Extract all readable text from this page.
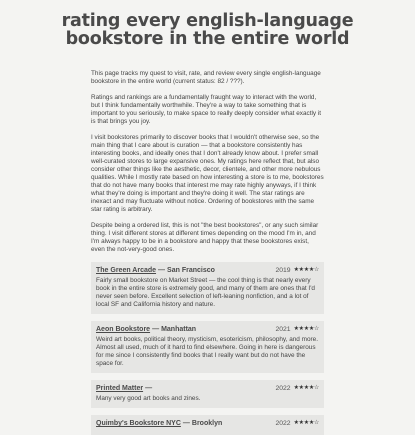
rating every english-language bookstore in the entire world

This page tracks my quest to visit, rate, and review every single english-language bookstore in the entire world (current status: 82 / ???).

Ratings and rankings are a fundamentally fraught way to interact with the world, but I think fundamentally worthwhile. They're a way to take something that is important to you seriously, to make space to really deeply consider what exactly it is that brings you joy.

I visit bookstores primarily to discover books that I wouldn't otherwise see, so the main thing that I care about is curation — that a bookstore consistently has interesting books, and ideally ones that I don't already know about. I prefer small well-curated stores to large expansive ones. My ratings here reflect that, but also consider other things like the aesthetic, decor, clientele, and other more nebulous qualities. While I mostly rate based on how interesting a store is to me, bookstores that do not have many books that interest me may rate highly anyways, if I think what they're doing is important and they're doing it well. The star ratings are inexact and may fluctuate without notice. Ordering of bookstores with the same star rating is arbitrary.

Despite being a ordered list, this is not "the best bookstores", or any such similar thing. I visit different stores at different times depending on the mood I'm in, and I'm always happy to be in a bookstore and happy that these bookstores exist, even the not-very-good ones.

The Green Arcade — San Francisco	2019 ★★★★☆
Fairly small bookstore on Market Street — the cool thing is that nearly every book in the entire store is extremely good, and many of them are ones that I'd never seen before. Excellent selection of left-leaning nonfiction, and a lot of local SF and California history and nature.
Aeon Bookstore — Manhattan	2021 ★★★★☆
Weird art books, political theory, mysticism, esotericism, philosophy, and more. Almost all used, much of it hard to find elsewhere. Going in here is dangerous for me since I consistently find books that I really want but do not have the space for.
Printed Matter —	2022 ★★★★☆
Many very good art books and zines.
Quimby's Bookstore NYC — Brooklyn	2022 ★★★★☆
